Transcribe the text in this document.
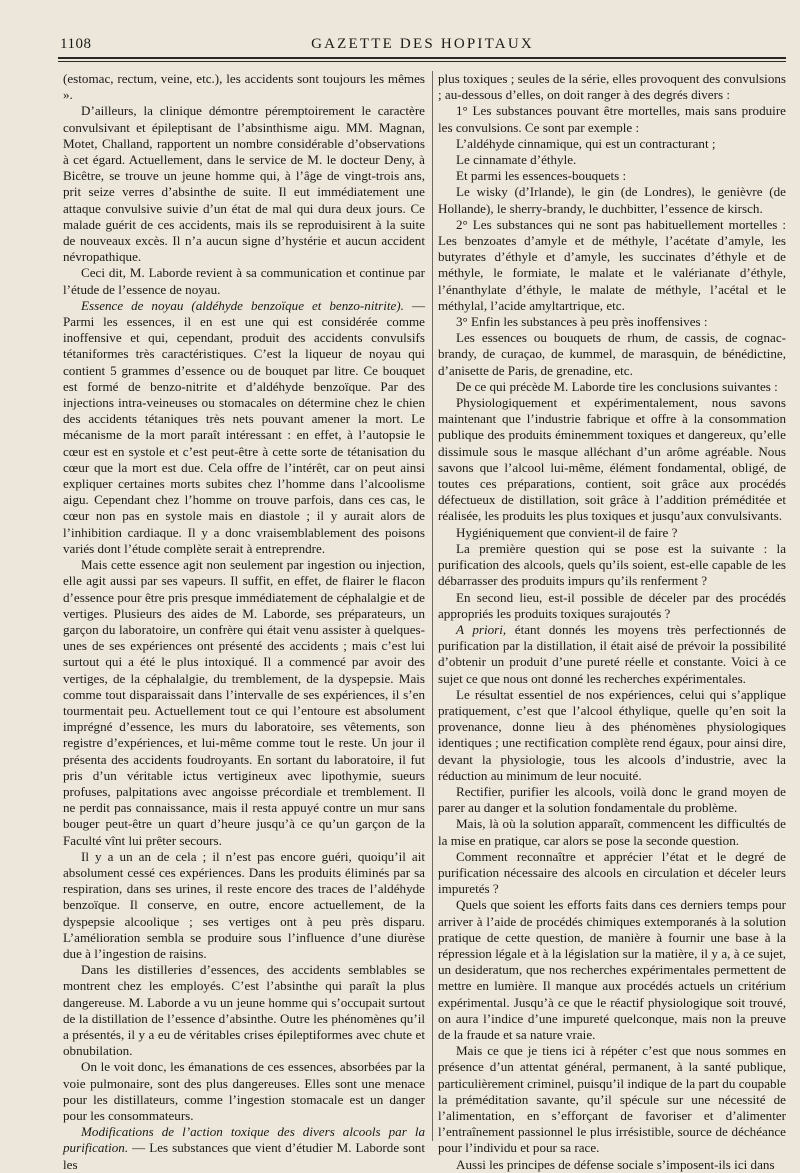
1108	GAZETTE DES HOPITAUX

(estomac, rectum, veine, etc.), les accidents sont toujours les mêmes ».

D’ailleurs, la clinique démontre péremptoirement le caractère convulsivant et épileptisant de l’absinthisme aigu. MM. Magnan, Motet, Challand, rapportent un nombre considérable d’observations à cet égard. Actuellement, dans le service de M. le docteur Deny, à Bicêtre, se trouve un jeune homme qui, à l’âge de vingt-trois ans, prit seize verres d’absinthe de suite. Il eut immédiatement une attaque convulsive suivie d’un état de mal qui dura deux jours. Ce malade guérit de ces accidents, mais ils se reproduisirent à la suite de nouveaux excès. Il n’a aucun signe d’hystérie et aucun accident névropathique.

Ceci dit, M. Laborde revient à sa communication et continue par l’étude de l’essence de noyau.

Essence de noyau (aldéhyde benzoïque et benzo-nitrite). — Parmi les essences, il en est une qui est considérée comme inoffensive et qui, cependant, produit des accidents convulsifs tétaniformes très caractéristiques. C’est la liqueur de noyau qui contient 5 grammes d’essence ou de bouquet par litre. Ce bouquet est formé de benzo-nitrite et d’aldéhyde benzoïque. Par des injections intra-veineuses ou stomacales on détermine chez le chien des accidents tétaniques très nets pouvant amener la mort. Le mécanisme de la mort paraît intéressant : en effet, à l’autopsie le cœur est en systole et c’est peut-être à cette sorte de tétanisation du cœur que la mort est due. Cela offre de l’intérêt, car on peut ainsi expliquer certaines morts subites chez l’homme dans l’alcoolisme aigu. Cependant chez l’homme on trouve parfois, dans ces cas, le cœur non pas en systole mais en diastole ; il y aurait alors de l’inhibition cardiaque. Il y a donc vraisemblablement des poisons variés dont l’étude complète serait à entreprendre.

Mais cette essence agit non seulement par ingestion ou injection, elle agit aussi par ses vapeurs. Il suffit, en effet, de flairer le flacon d’essence pour être pris presque immédiatement de céphalalgie et de vertiges. Plusieurs des aides de M. Laborde, ses préparateurs, un garçon du laboratoire, un confrère qui était venu assister à quelques-unes de ses expériences ont présenté des accidents ; mais c’est lui surtout qui a été le plus intoxiqué. Il a commencé par avoir des vertiges, de la céphalalgie, du tremblement, de la dyspepsie. Mais comme tout disparaissait dans l’intervalle de ses expériences, il s’en tourmentait peu. Actuellement tout ce qui l’entoure est absolument imprégné d’essence, les murs du laboratoire, ses vêtements, son registre d’expériences, et lui-même comme tout le reste. Un jour il présenta des accidents foudroyants. En sortant du laboratoire, il fut pris d’un véritable ictus vertigineux avec lipothymie, sueurs profuses, palpitations avec angoisse précordiale et tremblement. Il ne perdit pas connaissance, mais il resta appuyé contre un mur sans bouger peut-être un quart d’heure jusqu’à ce qu’un garçon de la Faculté vînt lui prêter secours.

Il y a un an de cela ; il n’est pas encore guéri, quoiqu’il ait absolument cessé ces expériences. Dans les produits éliminés par sa respiration, dans ses urines, il reste encore des traces de l’aldéhyde benzoïque. Il conserve, en outre, encore actuellement, de la dyspepsie alcoolique ; ses vertiges ont à peu près disparu. L’amélioration sembla se produire sous l’influence d’une diurèse due à l’ingestion de raisins.

Dans les distilleries d’essences, des accidents semblables se montrent chez les employés. C’est l’absinthe qui paraît la plus dangereuse. M. Laborde a vu un jeune homme qui s’occupait surtout de la distillation de l’essence d’absinthe. Outre les phénomènes qu’il a présentés, il y a eu de véritables crises épileptiformes avec chute et obnubilation.

On le voit donc, les émanations de ces essences, absorbées par la voie pulmonaire, sont des plus dangereuses. Elles sont une menace pour les distillateurs, comme l’ingestion stomacale est un danger pour les consommateurs.

Modifications de l’action toxique des divers alcools par la purification. — Les substances que vient d’étudier M. Laborde sont les

plus toxiques ; seules de la série, elles provoquent des convulsions ; au-dessous d’elles, on doit ranger à des degrés divers :

1° Les substances pouvant être mortelles, mais sans produire les convulsions. Ce sont par exemple :

L’aldéhyde cinnamique, qui est un contracturant ;

Le cinnamate d’éthyle.

Et parmi les essences-bouquets :

Le wisky (d’Irlande), le gin (de Londres), le genièvre (de Hollande), le sherry-brandy, le duchbitter, l’essence de kirsch.

2° Les substances qui ne sont pas habituellement mortelles : Les benzoates d’amyle et de méthyle, l’acétate d’amyle, les butyrates d’éthyle et d’amyle, les succinates d’éthyle et de méthyle, le formiate, le malate et le valérianate d’éthyle, l’énanthylate d’éthyle, le malate de méthyle, l’acétal et le méthylal, l’acide amyltartrique, etc.

3° Enfin les substances à peu près inoffensives :

Les essences ou bouquets de rhum, de cassis, de cognac-brandy, de curaçao, de kummel, de marasquin, de bénédictine, d’anisette de Paris, de grenadine, etc.

De ce qui précède M. Laborde tire les conclusions suivantes :

Physiologiquement et expérimentalement, nous savons maintenant que l’industrie fabrique et offre à la consommation publique des produits éminemment toxiques et dangereux, qu’elle dissimule sous le masque alléchant d’un arôme agréable. Nous savons que l’alcool lui-même, élément fondamental, obligé, de toutes ces préparations, contient, soit grâce aux procédés défectueux de distillation, soit grâce à l’addition préméditée et réalisée, les produits les plus toxiques et jusqu’aux convulsivants.

Hygiéniquement que convient-il de faire ?

La première question qui se pose est la suivante : la purification des alcools, quels qu’ils soient, est-elle capable de les débarrasser des produits impurs qu’ils renferment ?

En second lieu, est-il possible de déceler par des procédés appropriés les produits toxiques surajoutés ?

A priori, étant donnés les moyens très perfectionnés de purification par la distillation, il était aisé de prévoir la possibilité d’obtenir un produit d’une pureté réelle et constante. Voici à ce sujet ce que nous ont donné les recherches expérimentales.

Le résultat essentiel de nos expériences, celui qui s’applique pratiquement, c’est que l’alcool éthylique, quelle qu’en soit la provenance, donne lieu à des phénomènes physiologiques identiques ; une rectification complète rend égaux, pour ainsi dire, devant la physiologie, tous les alcools d’industrie, avec la réduction au minimum de leur nocuité.

Rectifier, purifier les alcools, voilà donc le grand moyen de parer au danger et la solution fondamentale du problème.

Mais, là où la solution apparaît, commencent les difficultés de la mise en pratique, car alors se pose la seconde question.

Comment reconnaître et apprécier l’état et le degré de purification nécessaire des alcools en circulation et déceler leurs impuretés ?

Quels que soient les efforts faits dans ces derniers temps pour arriver à l’aide de procédés chimiques extemporanés à la solution pratique de cette question, de manière à fournir une base à la répression légale et à la législation sur la matière, il y a, à ce sujet, un desideratum, que nos recherches expérimentales permettent de mettre en lumière. Il manque aux procédés actuels un critérium expérimental. Jusqu’à ce que le réactif physiologique soit trouvé, on aura l’indice d’une impureté quelconque, mais non la preuve de la fraude et sa nature vraie.

Mais ce que je tiens ici à répéter c’est que nous sommes en présence d’un attentat général, permanent, à la santé publique, particulièrement criminel, puisqu’il indique de la part du coupable la préméditation savante, qu’il spécule sur une nécessité de l’alimentation, en s’efforçant de favoriser et d’alimenter l’entraînement passionnel le plus irrésistible, source de déchéance pour l’individu et pour sa race.

Aussi les principes de défense sociale s’imposent-ils ici dans
